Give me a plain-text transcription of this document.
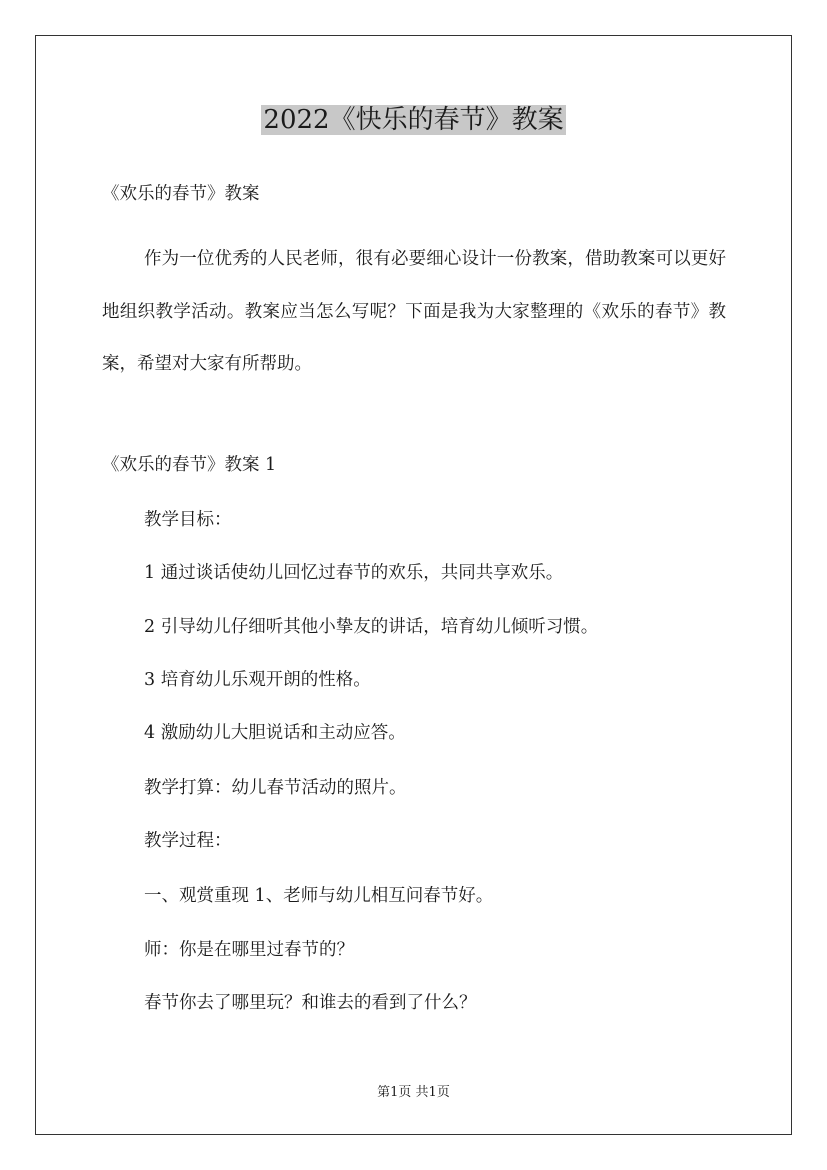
2022《快乐的春节》教案
《欢乐的春节》教案
作为一位优秀的人民老师，很有必要细心设计一份教案，借助教案可以更好地组织教学活动。教案应当怎么写呢？下面是我为大家整理的《欢乐的春节》教案，希望对大家有所帮助。
《欢乐的春节》教案 1
教学目标：
1 通过谈话使幼儿回忆过春节的欢乐，共同共享欢乐。
2 引导幼儿仔细听其他小挚友的讲话，培育幼儿倾听习惯。
3 培育幼儿乐观开朗的性格。
4 激励幼儿大胆说话和主动应答。
教学打算：幼儿春节活动的照片。
教学过程：
一、观赏重现 1、老师与幼儿相互问春节好。
师：你是在哪里过春节的？
春节你去了哪里玩？和谁去的看到了什么？
第1页 共1页
